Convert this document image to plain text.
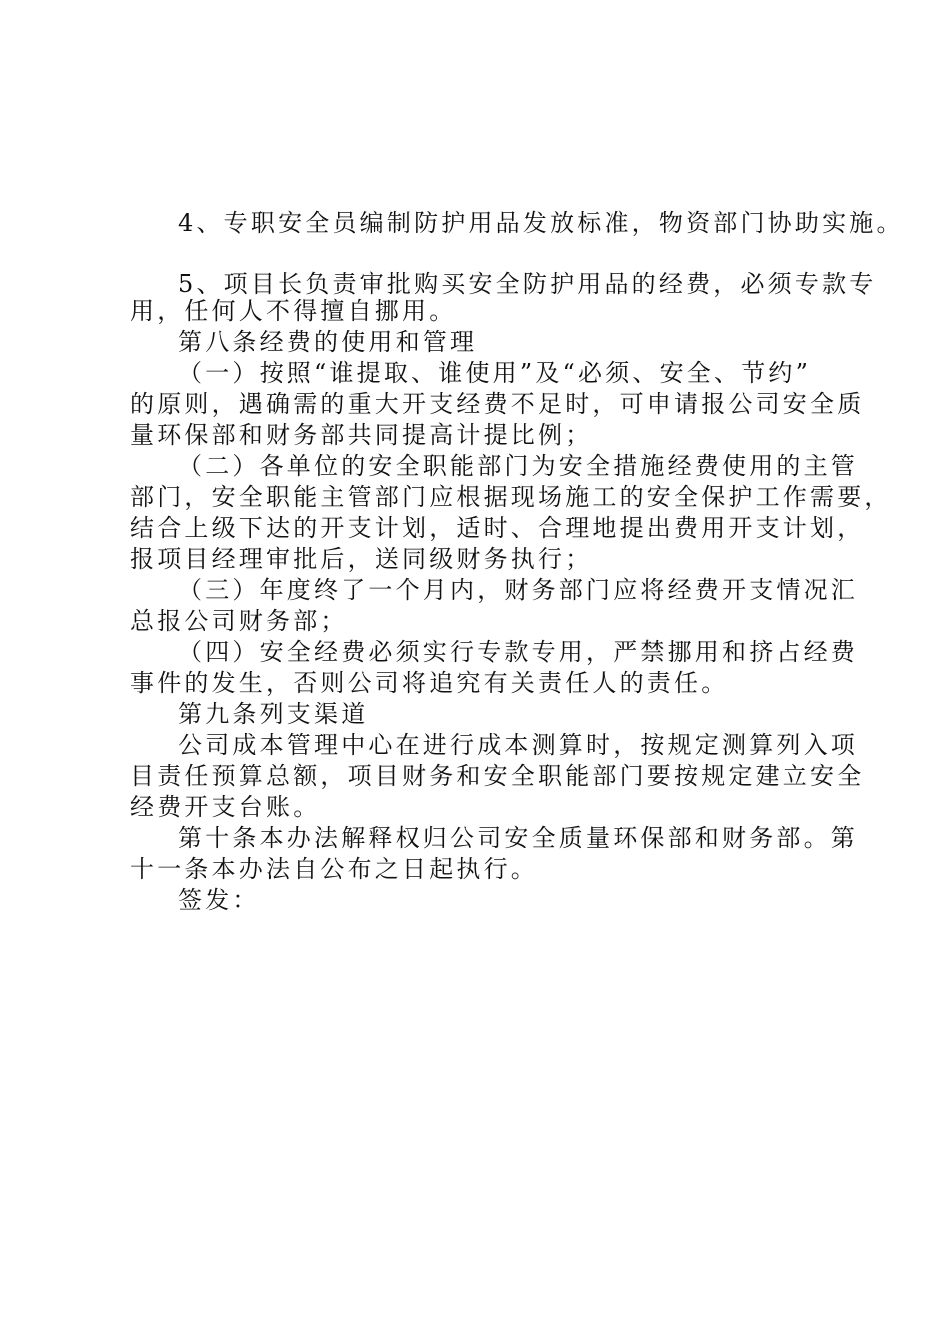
4、专职安全员编制防护用品发放标准，物资部门协助实施。
5、项目长负责审批购买安全防护用品的经费，必须专款专
用，任何人不得擅自挪用。
第八条经费的使用和管理
（一）按照“谁提取、谁使用”及“必须、安全、节约”
的原则，遇确需的重大开支经费不足时，可申请报公司安全质
量环保部和财务部共同提高计提比例；
（二）各单位的安全职能部门为安全措施经费使用的主管
部门，安全职能主管部门应根据现场施工的安全保护工作需要，
结合上级下达的开支计划，适时、合理地提出费用开支计划，
报项目经理审批后，送同级财务执行；
（三）年度终了一个月内，财务部门应将经费开支情况汇
总报公司财务部；
（四）安全经费必须实行专款专用，严禁挪用和挤占经费
事件的发生，否则公司将追究有关责任人的责任。
第九条列支渠道
公司成本管理中心在进行成本测算时，按规定测算列入项
目责任预算总额，项目财务和安全职能部门要按规定建立安全
经费开支台账。
第十条本办法解释权归公司安全质量环保部和财务部。第
十一条本办法自公布之日起执行。
签发：
